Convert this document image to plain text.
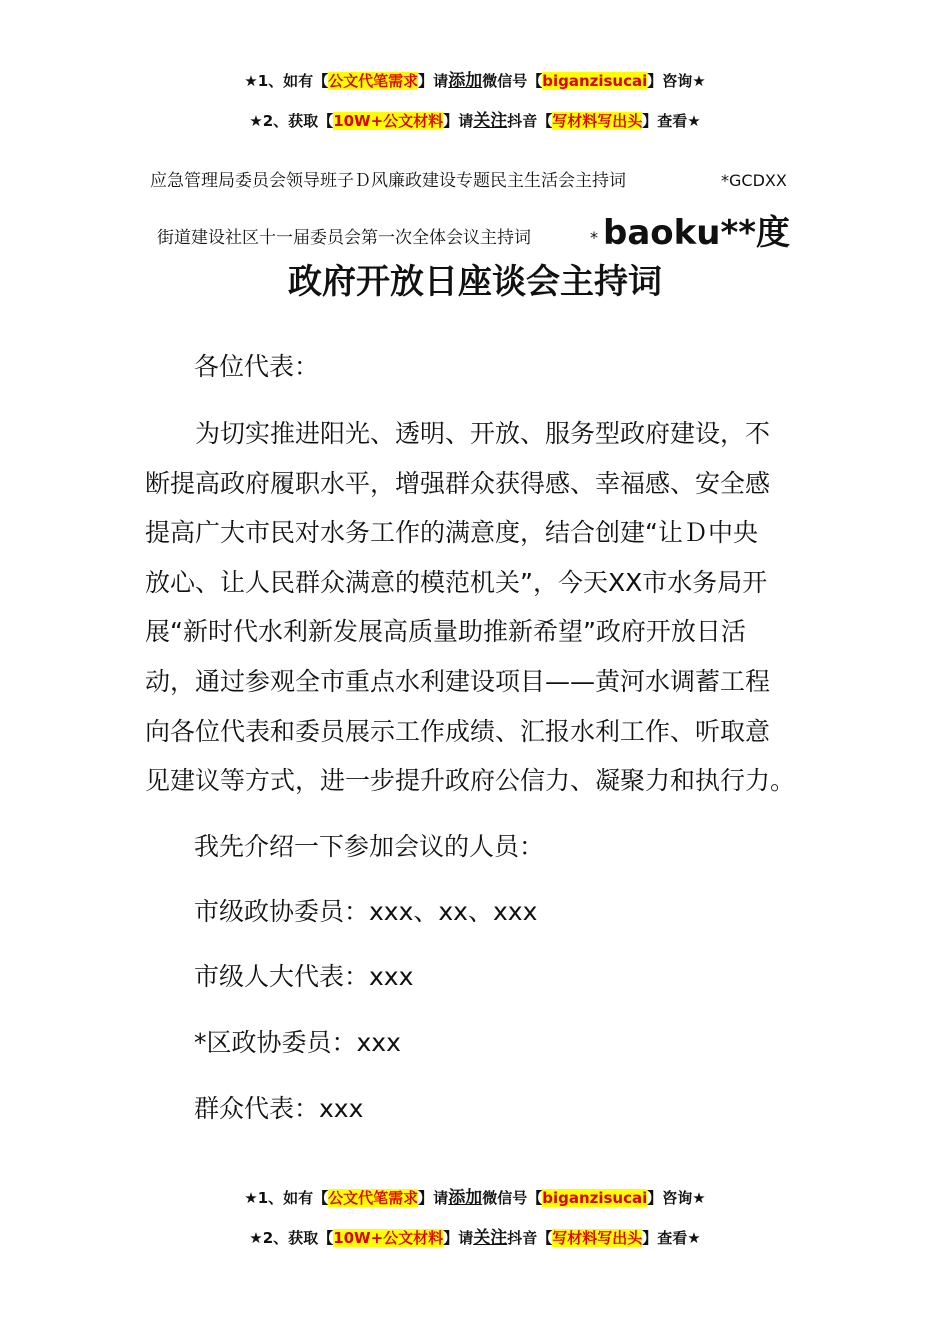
★1、如有【公文代笔需求】请添加微信号【biganzisucai】咨询★
★2、获取【10W+公文材料】请关注抖音【写材料写出头】查看★
应急管理局委员会领导班子Ｄ风廉政建设专题民主生活会主持词	*GCDXX
街道建设社区十一届委员会第一次全体会议主持词	* baoku**度
政府开放日座谈会主持词
各位代表：
　　为切实推进阳光、透明、开放、服务型政府建设，不
断提高政府履职水平，增强群众获得感、幸福感、安全感
提高广大市民对水务工作的满意度，结合创建“让Ｄ中央
放心、让人民群众满意的模范机关”，今天XX市水务局开
展“新时代水利新发展高质量助推新希望”政府开放日活
动，通过参观全市重点水利建设项目——黄河水调蓄工程
向各位代表和委员展示工作成绩、汇报水利工作、听取意
见建议等方式，进一步提升政府公信力、凝聚力和执行力。
我先介绍一下参加会议的人员：
市级政协委员：xxx、xx、xxx
市级人大代表：xxx
*区政协委员：xxx
群众代表：xxx
★1、如有【公文代笔需求】请添加微信号【biganzisucai】咨询★
★2、获取【10W+公文材料】请关注抖音【写材料写出头】查看★
